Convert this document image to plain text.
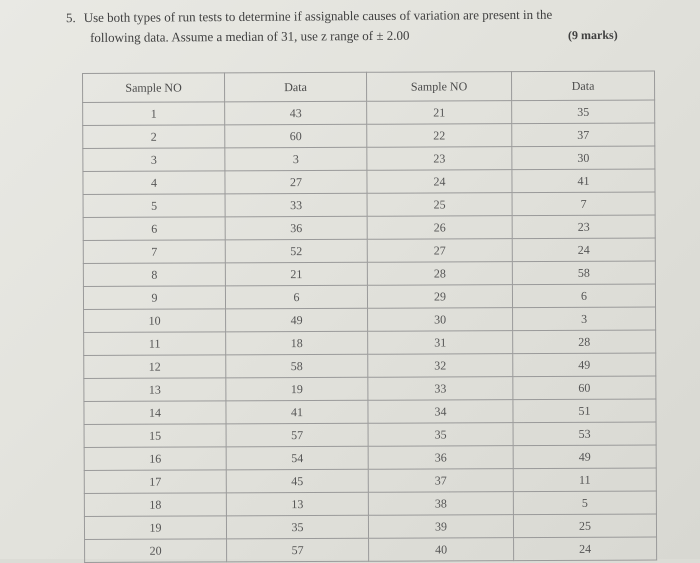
5. Use both types of run tests to determine if assignable causes of variation are present in the
following data. Assume a median of 31, use z range of ± 2.00	(9 marks)
Sample NO	Data	Sample NO	Data
1	43	21	35
2	60	22	37
3	3	23	30
4	27	24	41
5	33	25	7
6	36	26	23
7	52	27	24
8	21	28	58
9	6	29	6
10	49	30	3
11	18	31	28
12	58	32	49
13	19	33	60
14	41	34	51
15	57	35	53
16	54	36	49
17	45	37	11
18	13	38	5
19	35	39	25
20	57	40	24
